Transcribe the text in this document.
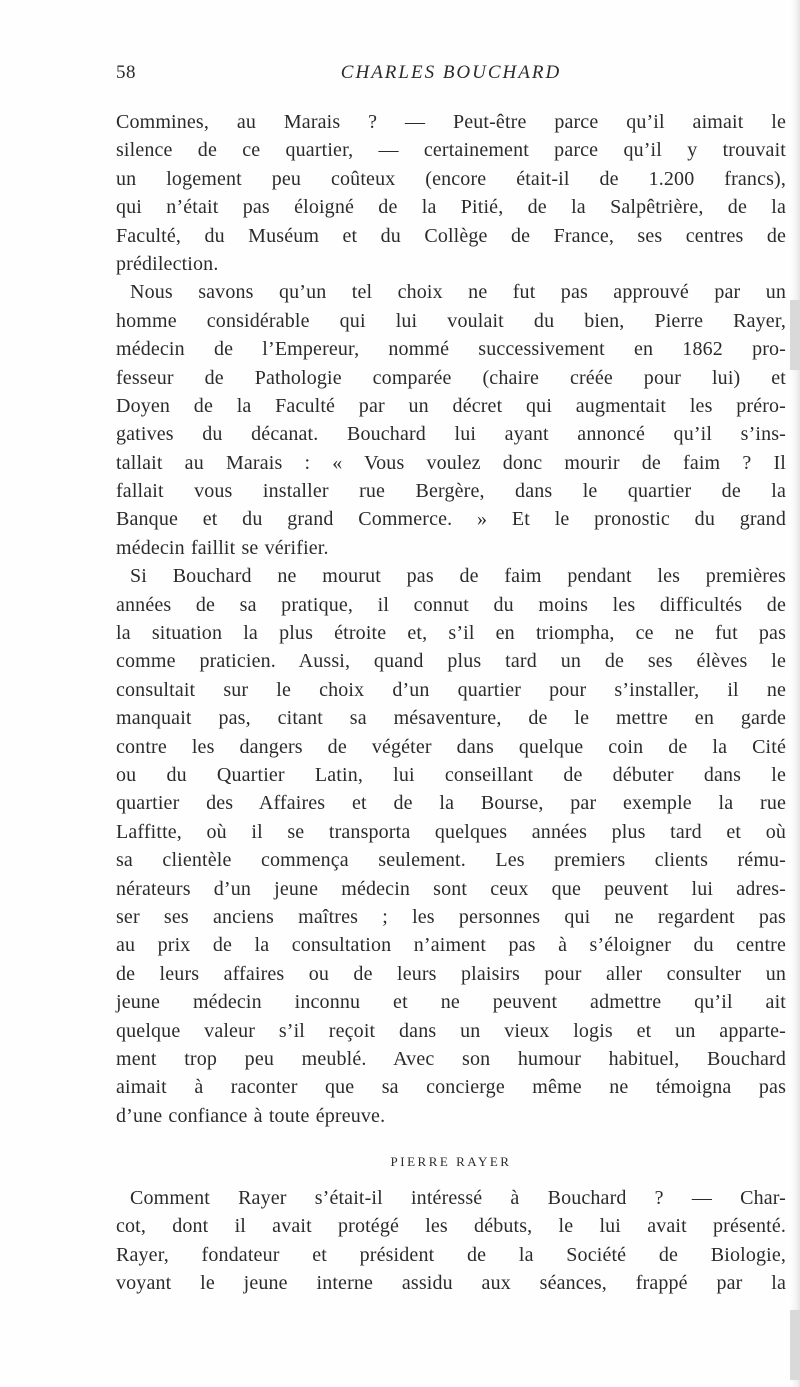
58	CHARLES BOUCHARD
Commines, au Marais ? — Peut-être parce qu’il aimait le
silence de ce quartier, — certainement parce qu’il y trouvait
un logement peu coûteux (encore était-il de 1.200 francs),
qui n’était pas éloigné de la Pitié, de la Salpêtrière, de la
Faculté, du Muséum et du Collège de France, ses centres de
prédilection.
Nous savons qu’un tel choix ne fut pas approuvé par un
homme considérable qui lui voulait du bien, Pierre Rayer,
médecin de l’Empereur, nommé successivement en 1862 pro-
fesseur de Pathologie comparée (chaire créée pour lui) et
Doyen de la Faculté par un décret qui augmentait les préro-
gatives du décanat. Bouchard lui ayant annoncé qu’il s’ins-
tallait au Marais : « Vous voulez donc mourir de faim ? Il
fallait vous installer rue Bergère, dans le quartier de la
Banque et du grand Commerce. » Et le pronostic du grand
médecin faillit se vérifier.
Si Bouchard ne mourut pas de faim pendant les premières
années de sa pratique, il connut du moins les difficultés de
la situation la plus étroite et, s’il en triompha, ce ne fut pas
comme praticien. Aussi, quand plus tard un de ses élèves le
consultait sur le choix d’un quartier pour s’installer, il ne
manquait pas, citant sa mésaventure, de le mettre en garde
contre les dangers de végéter dans quelque coin de la Cité
ou du Quartier Latin, lui conseillant de débuter dans le
quartier des Affaires et de la Bourse, par exemple la rue
Laffitte, où il se transporta quelques années plus tard et où
sa clientèle commença seulement. Les premiers clients rému-
nérateurs d’un jeune médecin sont ceux que peuvent lui adres-
ser ses anciens maîtres ; les personnes qui ne regardent pas
au prix de la consultation n’aiment pas à s’éloigner du centre
de leurs affaires ou de leurs plaisirs pour aller consulter un
jeune médecin inconnu et ne peuvent admettre qu’il ait
quelque valeur s’il reçoit dans un vieux logis et un apparte-
ment trop peu meublé. Avec son humour habituel, Bouchard
aimait à raconter que sa concierge même ne témoigna pas
d’une confiance à toute épreuve.
PIERRE RAYER
Comment Rayer s’était-il intéressé à Bouchard ? — Char-
cot, dont il avait protégé les débuts, le lui avait présenté.
Rayer, fondateur et président de la Société de Biologie,
voyant le jeune interne assidu aux séances, frappé par la
